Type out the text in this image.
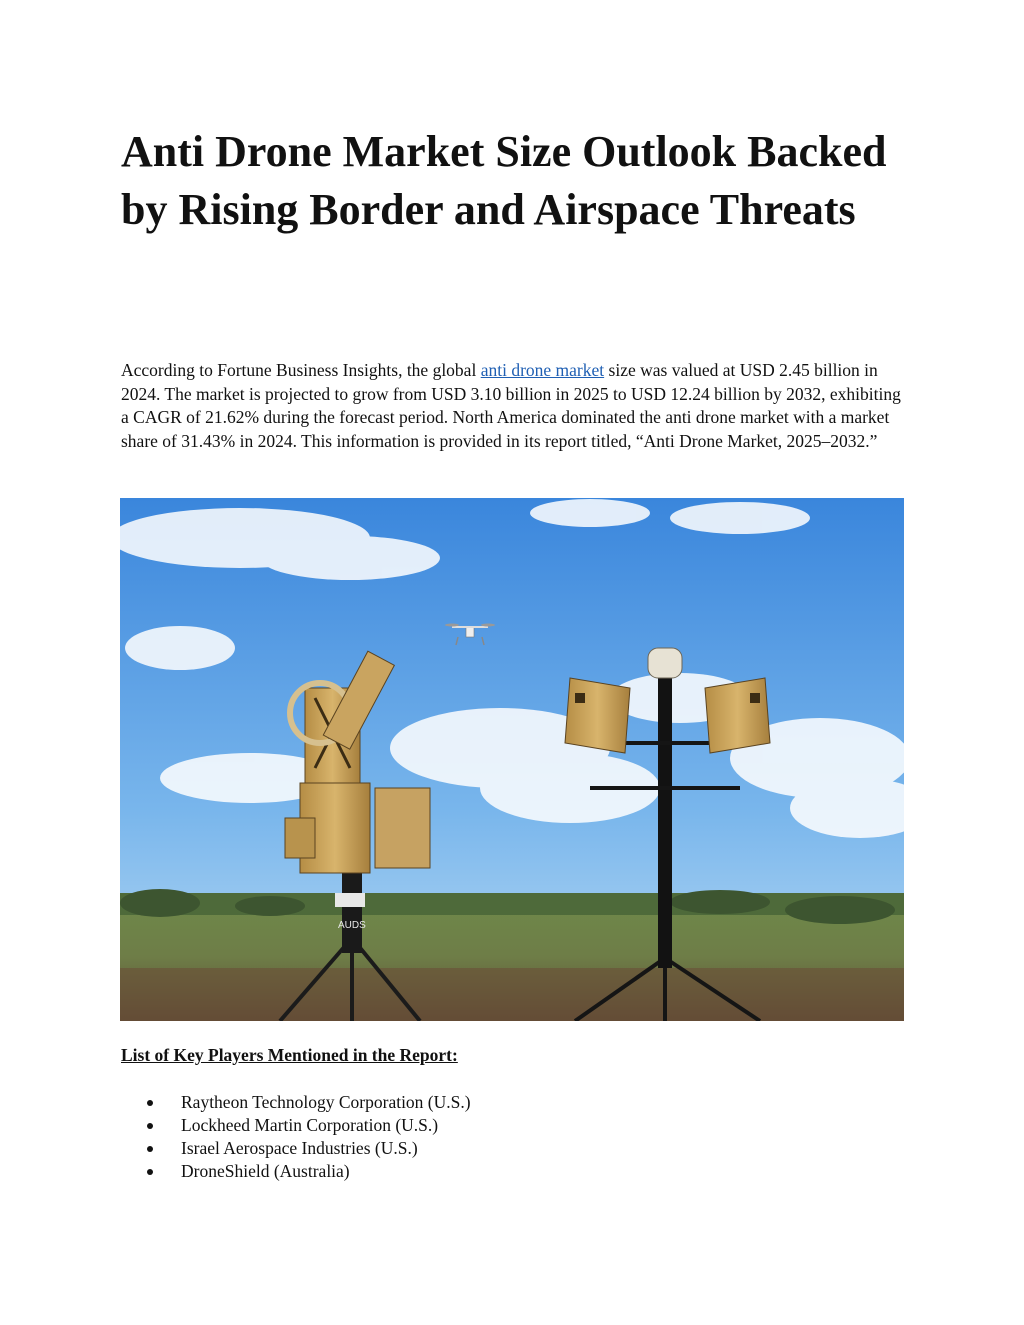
Anti Drone Market Size Outlook Backed by Rising Border and Airspace Threats

According to Fortune Business Insights, the global anti drone market size was valued at USD 2.45 billion in 2024. The market is projected to grow from USD 3.10 billion in 2025 to USD 12.24 billion by 2032, exhibiting a CAGR of 21.62% during the forecast period. North America dominated the anti drone market with a market share of 31.43% in 2024. This information is provided in its report titled, “Anti Drone Market, 2025–2032.”

AUDS

List of Key Players Mentioned in the Report:

Raytheon Technology Corporation (U.S.)
Lockheed Martin Corporation (U.S.)
Israel Aerospace Industries (U.S.)
DroneShield (Australia)
